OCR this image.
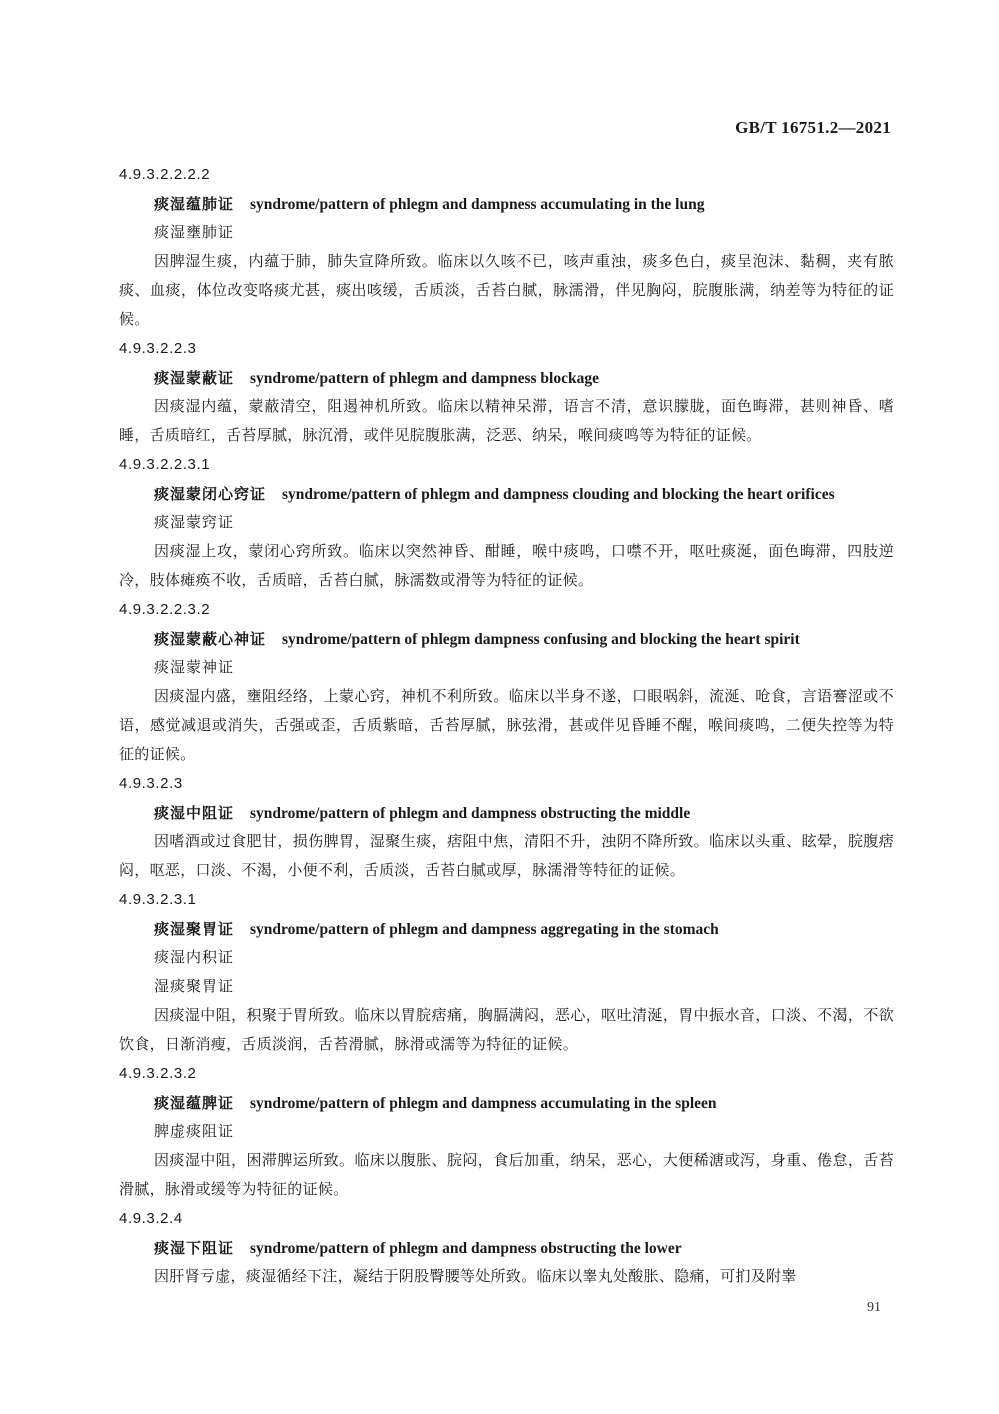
GB/T 16751.2—2021
4.9.3.2.2.2.2
痰湿蕴肺证 syndrome/pattern of phlegm and dampness accumulating in the lung
痰湿壅肺证
因脾湿生痰，内蕴于肺，肺失宣降所致。临床以久咳不已，咳声重浊，痰多色白，痰呈泡沫、黏稠，夹有脓痰、血痰，体位改变咯痰尤甚，痰出咳缓，舌质淡，舌苔白腻，脉濡滑，伴见胸闷，脘腹胀满，纳差等为特征的证候。
4.9.3.2.2.3
痰湿蒙蔽证 syndrome/pattern of phlegm and dampness blockage
因痰湿内蕴，蒙蔽清空，阻遏神机所致。临床以精神呆滞，语言不清，意识朦胧，面色晦滞，甚则神昏、嗜睡，舌质暗红，舌苔厚腻，脉沉滑，或伴见脘腹胀满，泛恶、纳呆，喉间痰鸣等为特征的证候。
4.9.3.2.2.3.1
痰湿蒙闭心窍证 syndrome/pattern of phlegm and dampness clouding and blocking the heart orifices
痰湿蒙窍证
因痰湿上攻，蒙闭心窍所致。临床以突然神昏、酣睡，喉中痰鸣，口噤不开，呕吐痰涎，面色晦滞，四肢逆冷，肢体瘫痪不收，舌质暗，舌苔白腻，脉濡数或滑等为特征的证候。
4.9.3.2.2.3.2
痰湿蒙蔽心神证 syndrome/pattern of phlegm dampness confusing and blocking the heart spirit
痰湿蒙神证
因痰湿内盛，壅阻经络，上蒙心窍，神机不利所致。临床以半身不遂，口眼㖞斜，流涎、呛食，言语謇涩或不语，感觉减退或消失，舌强或歪，舌质紫暗，舌苔厚腻，脉弦滑，甚或伴见昏睡不醒，喉间痰鸣，二便失控等为特征的证候。
4.9.3.2.3
痰湿中阻证 syndrome/pattern of phlegm and dampness obstructing the middle
因嗜酒或过食肥甘，损伤脾胃，湿聚生痰，痞阻中焦，清阳不升，浊阴不降所致。临床以头重、眩晕，脘腹痞闷，呕恶，口淡、不渴，小便不利，舌质淡，舌苔白腻或厚，脉濡滑等特征的证候。
4.9.3.2.3.1
痰湿聚胃证 syndrome/pattern of phlegm and dampness aggregating in the stomach
痰湿内积证
湿痰聚胃证
因痰湿中阻，积聚于胃所致。临床以胃脘痞痛，胸膈满闷，恶心，呕吐清涎，胃中振水音，口淡、不渴，不欲饮食，日渐消瘦，舌质淡润，舌苔滑腻，脉滑或濡等为特征的证候。
4.9.3.2.3.2
痰湿蕴脾证 syndrome/pattern of phlegm and dampness accumulating in the spleen
脾虚痰阻证
因痰湿中阻，困滞脾运所致。临床以腹胀、脘闷，食后加重，纳呆，恶心，大便稀溏或泻，身重、倦怠，舌苔滑腻，脉滑或缓等为特征的证候。
4.9.3.2.4
痰湿下阻证 syndrome/pattern of phlegm and dampness obstructing the lower
因肝肾亏虚，痰湿循经下注，凝结于阴股臀腰等处所致。临床以睾丸处酸胀、隐痛，可扪及附睾
91
